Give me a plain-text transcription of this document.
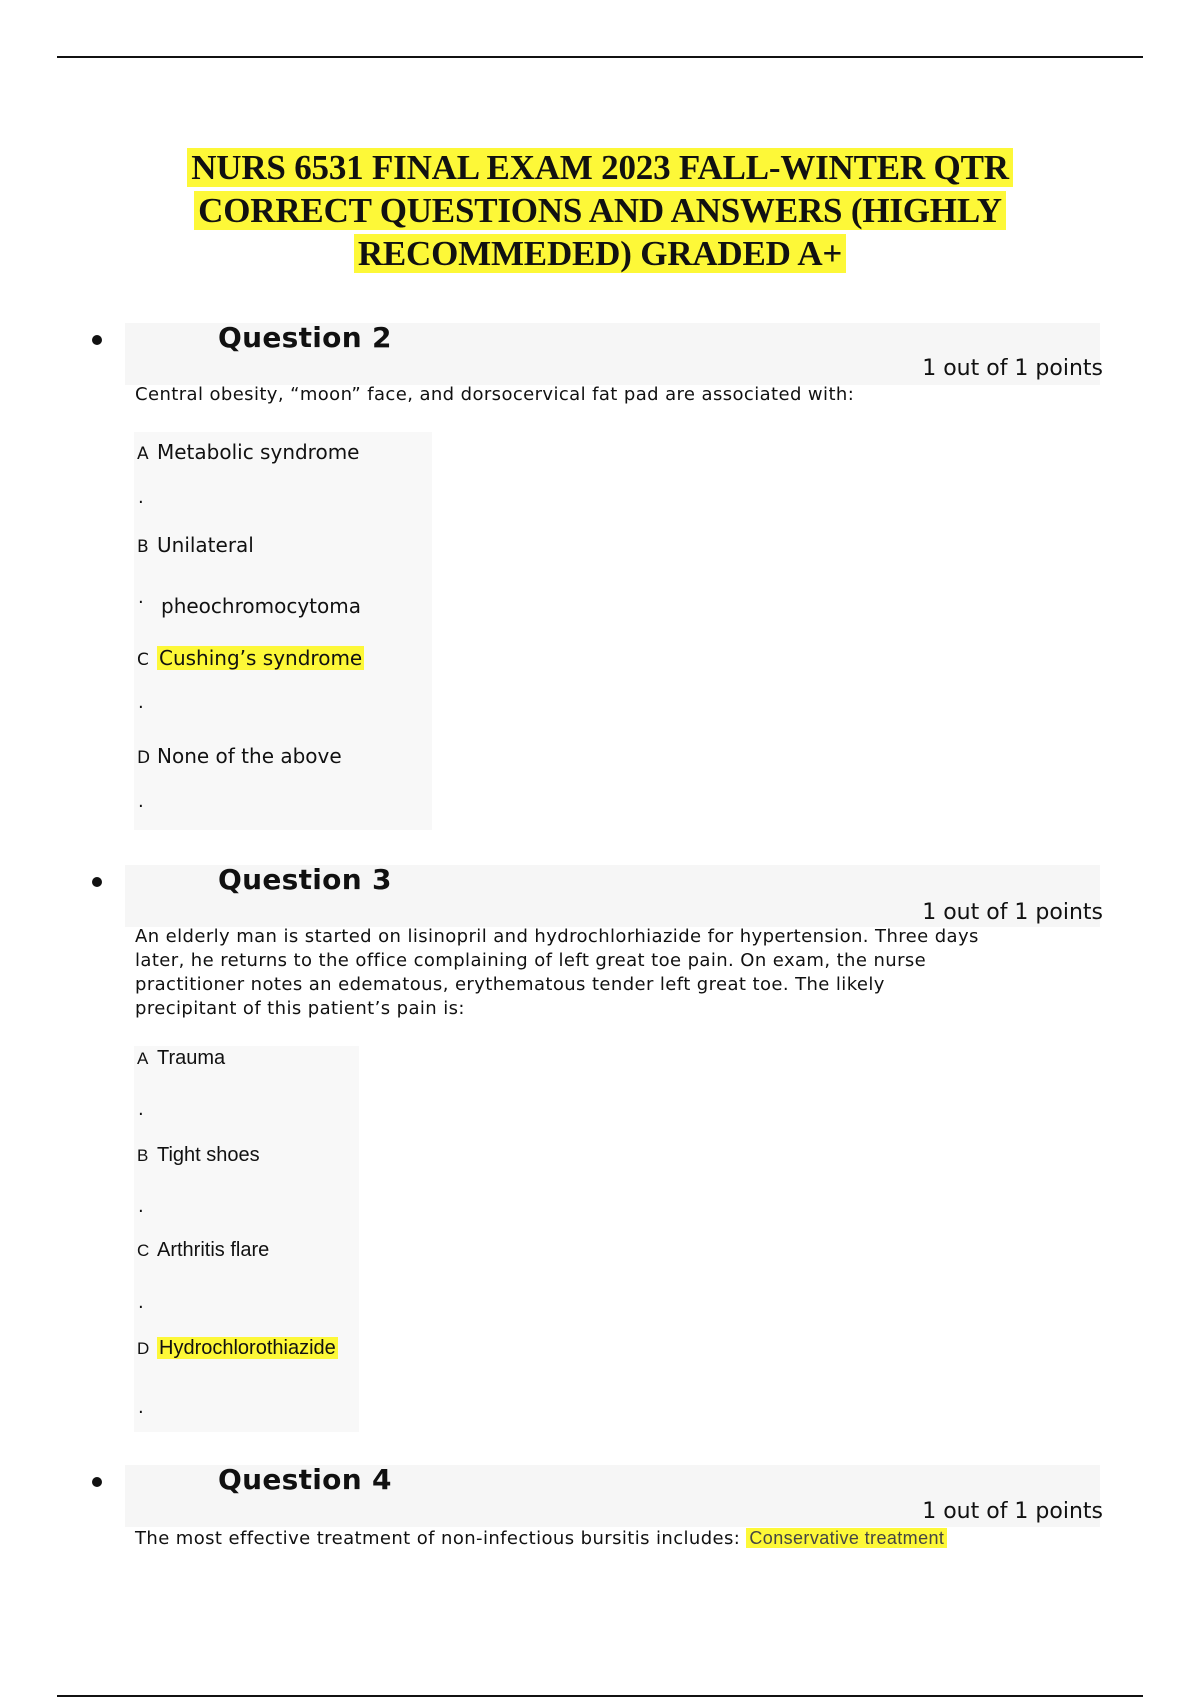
NURS 6531 FINAL EXAM 2023 FALL-WINTER QTR
CORRECT QUESTIONS AND ANSWERS (HIGHLY
RECOMMEDED) GRADED A+
Question 2
1 out of 1 points
Central obesity, “moon” face, and dorsocervical fat pad are associated with:
A Metabolic syndrome
.
B Unilateral
. pheochromocytoma
C Cushing’s syndrome
.
D None of the above
.
Question 3
1 out of 1 points
An elderly man is started on lisinopril and hydrochlorhiazide for hypertension. Three days
later, he returns to the office complaining of left great toe pain. On exam, the nurse
practitioner notes an edematous, erythematous tender left great toe. The likely
precipitant of this patient’s pain is:
A Trauma
.
B Tight shoes
.
C Arthritis flare
.
D Hydrochlorothiazide
.
Question 4
1 out of 1 points
The most effective treatment of non-infectious bursitis includes: Conservative treatment
